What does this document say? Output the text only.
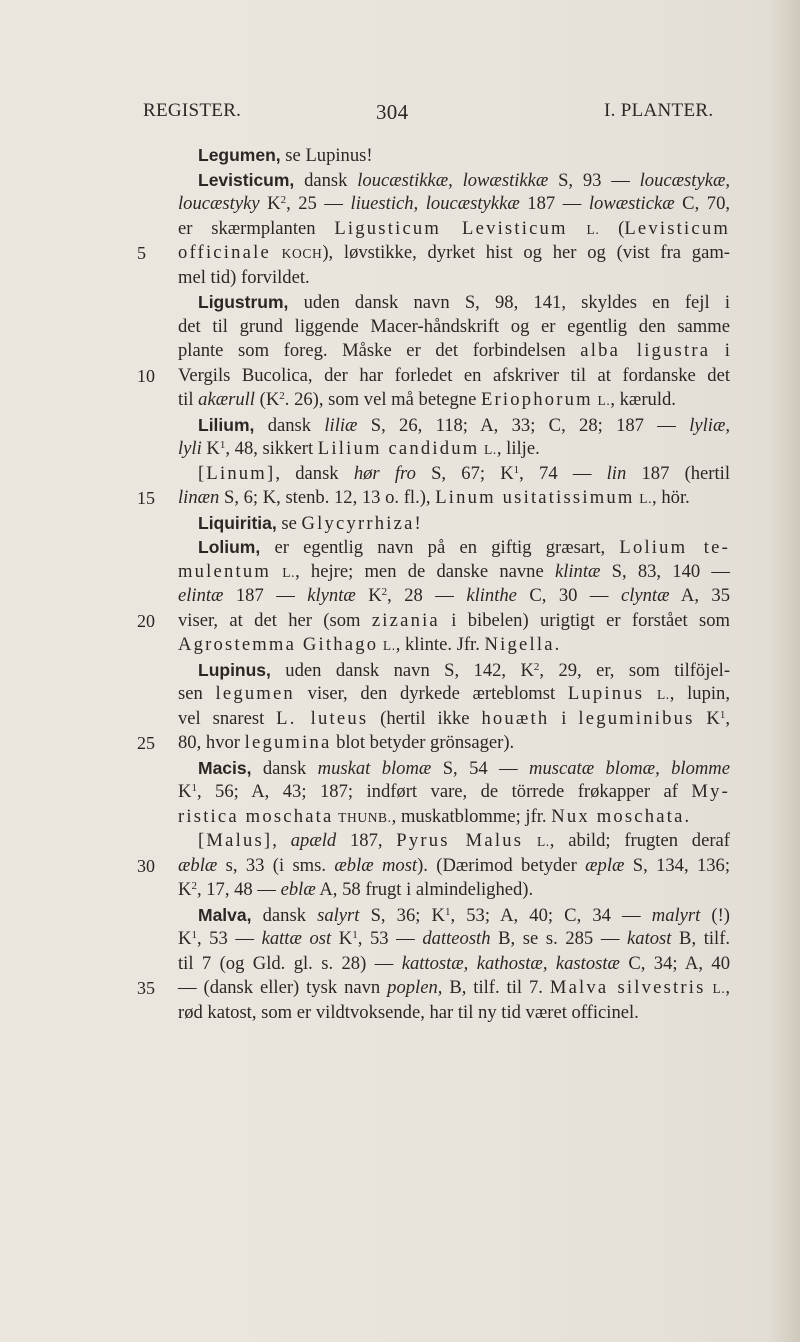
REGISTER.	304	I. PLANTER.
5
10
15
20
25
30
35
Legumen, se Lupinus!
Levisticum, dansk loucæstikkæ, lowæstikkæ S, 93 — loucæstykæ,
loucæstyky $K^2$, 25 — liuestich, loucæstykkæ 187 — lowæstickæ C, 70,
er skærmplanten Ligusticum Levisticum L. (Levisticum
officinale KOCH), løvstikke, dyrket hist og her og (vist fra gam-
mel tid) forvildet.
Ligustrum, uden dansk navn S, 98, 141, skyldes en fejl i
det til grund liggende Macer-håndskrift og er egentlig den samme
plante som foreg. Måske er det forbindelsen alba ligustra i
Vergils Bucolica, der har forledet en afskriver til at fordanske det
til akærull ($K^2$. 26), som vel må betegne Eriophorum L., kæruld.
Lilium, dansk liliæ S, 26, 118; A, 33; C, 28; 187 — lyliæ,
lyli $K^1$, 48, sikkert Lilium candidum L., lilje.
[Linum], dansk hør fro S, 67; $K^1$, 74 — lin 187 (hertil
linæn S, 6; K, stenb. 12, 13 o. fl.), Linum usitatissimum L., hör.
Liquiritia, se Glycyrrhiza!
Lolium, er egentlig navn på en giftig græsart, Lolium te-
mulentum L., hejre; men de danske navne klintæ S, 83, 140 —
elintæ 187 — klyntæ $K^2$, 28 — klinthe C, 30 — clyntæ A, 35
viser, at det her (som zizania i bibelen) urigtigt er forstået som
Agrostemma Githago L., klinte. Jfr. Nigella.
Lupinus, uden dansk navn S, 142, $K^2$, 29, er, som tilföjel-
sen legumen viser, den dyrkede ærteblomst Lupinus L., lupin,
vel snarest L. luteus (hertil ikke houæth i leguminibus $K^1$,
80, hvor legumina blot betyder grönsager).
Macis, dansk muskat blomæ S, 54 — muscatæ blomæ, blomme
$K^1$, 56; A, 43; 187; indført vare, de törrede frøkapper af My-
ristica moschata THUNB., muskatblomme; jfr. Nux moschata.
[Malus], apæld 187, Pyrus Malus L., abild; frugten deraf
æblæ s, 33 (i sms. æblæ most). (Dærimod betyder æplæ S, 134, 136;
$K^2$, 17, 48 — eblæ A, 58 frugt i almindelighed).
Malva, dansk salyrt S, 36; $K^1$, 53; A, 40; C, 34 — malyrt (!)
$K^1$, 53 — kattæ ost $K^1$, 53 — datteosth B, se s. 285 — katost B, tilf.
til 7 (og Gld. gl. s. 28) — kattostæ, kathostæ, kastostæ C, 34; A, 40
— (dansk eller) tysk navn poplen, B, tilf. til 7. Malva silvestris L.,
rød katost, som er vildtvoksende, har til ny tid været officinel.
